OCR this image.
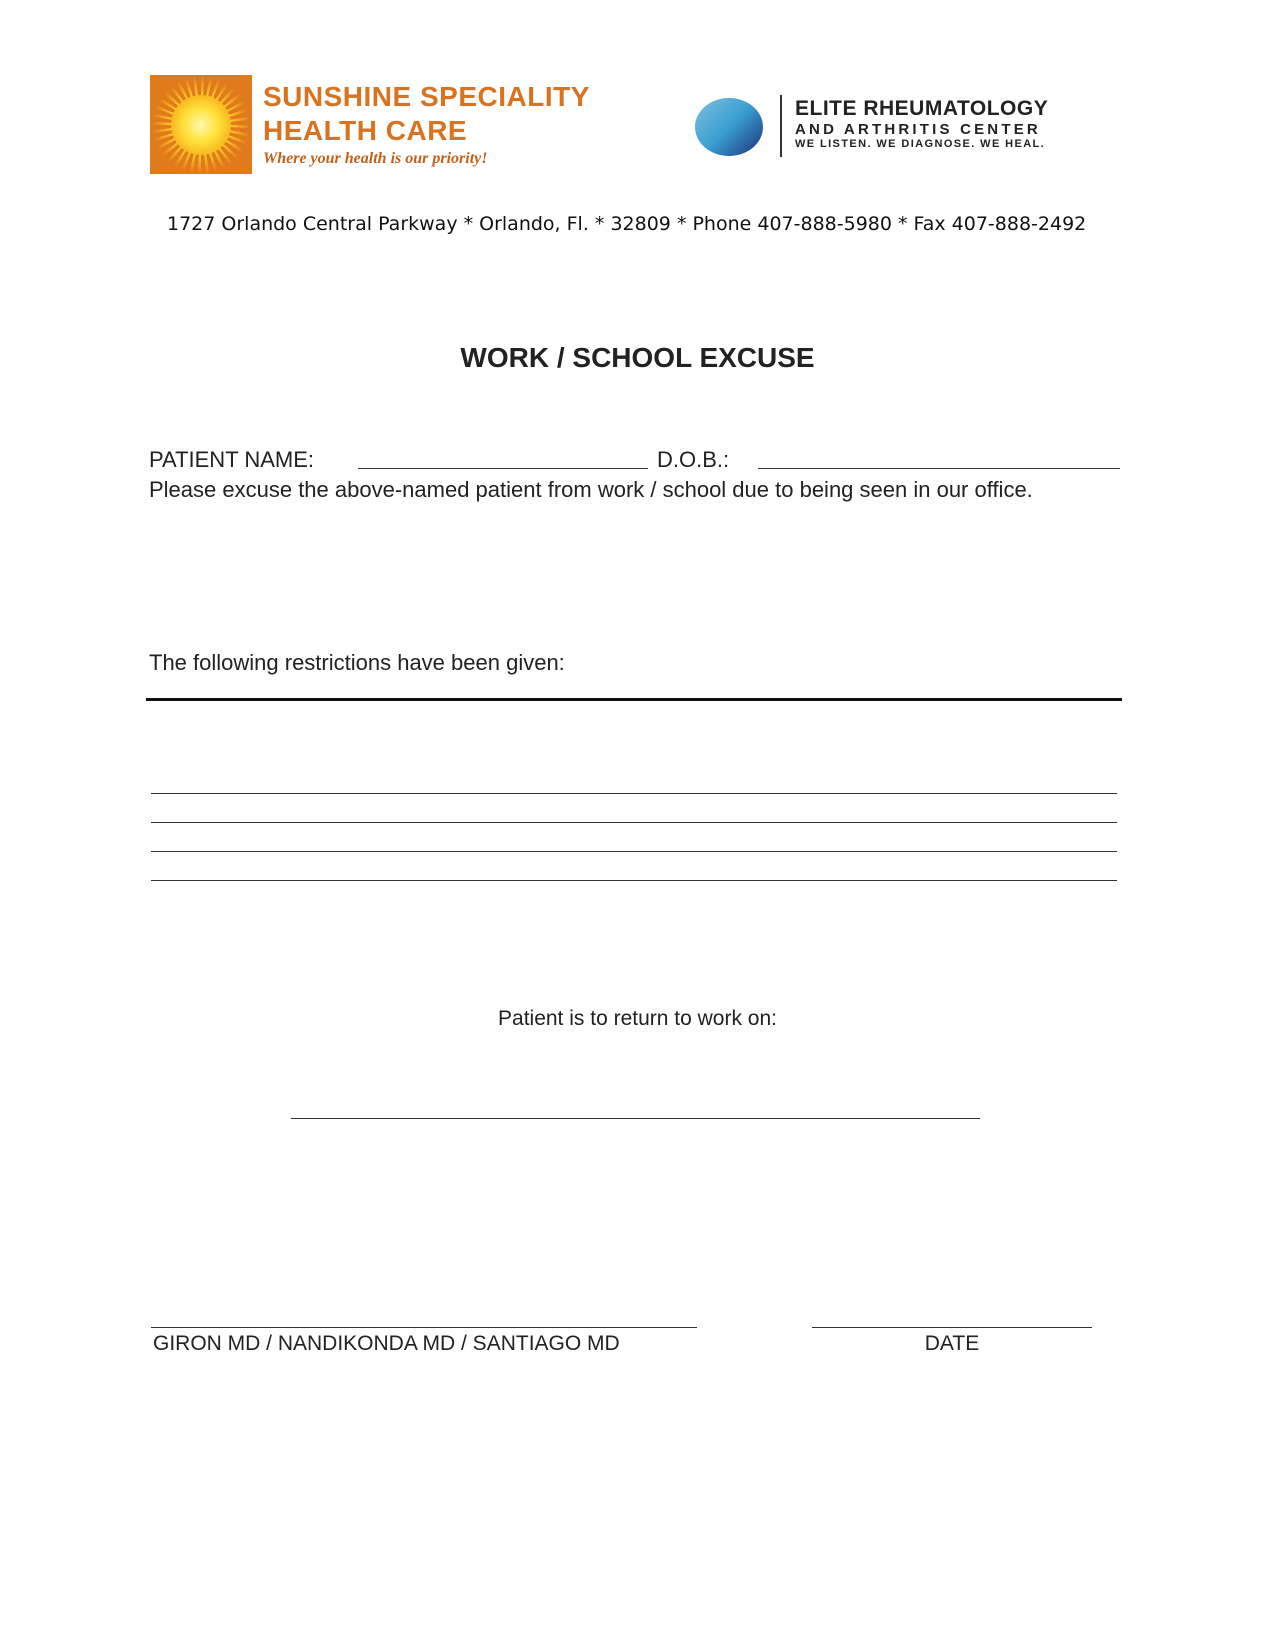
SUNSHINE SPECIALITY
HEALTH CARE
Where your health is our priority!
ELITE RHEUMATOLOGY
AND ARTHRITIS CENTER
WE LISTEN. WE DIAGNOSE. WE HEAL.
1727 Orlando Central Parkway * Orlando, Fl. * 32809 * Phone 407-888-5980 * Fax 407-888-2492
WORK / SCHOOL EXCUSE
PATIENT NAME:	D.O.B.:
Please excuse the above-named patient from work / school due to being seen in our office.
The following restrictions have been given:
Patient is to return to work on:
GIRON MD / NANDIKONDA MD / SANTIAGO MD	DATE
